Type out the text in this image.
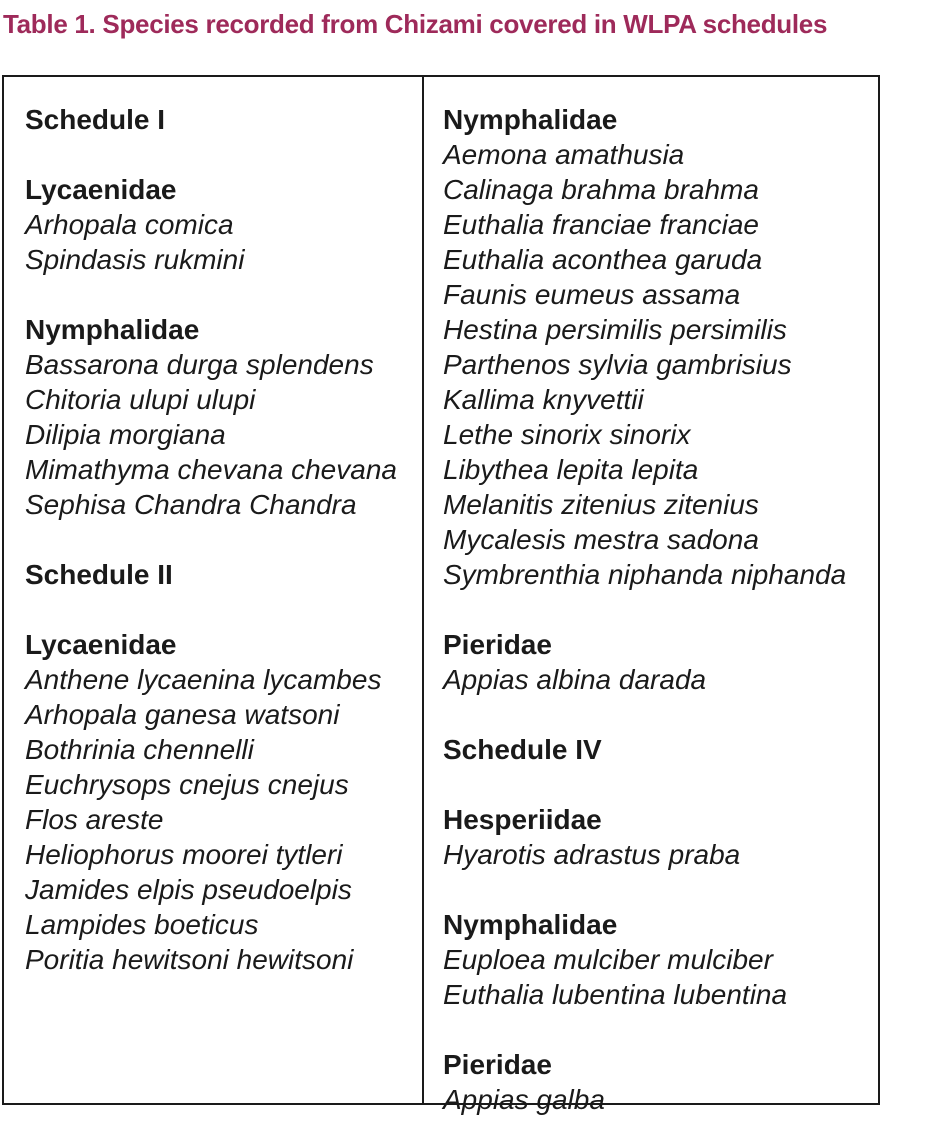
Table 1. Species recorded from Chizami covered in WLPA schedules
Schedule I
Lycaenidae
Arhopala comica
Spindasis rukmini
Nymphalidae
Bassarona durga splendens
Chitoria ulupi ulupi
Dilipia morgiana
Mimathyma chevana chevana
Sephisa Chandra Chandra
Schedule II
Lycaenidae
Anthene lycaenina lycambes
Arhopala ganesa watsoni
Bothrinia chennelli
Euchrysops cnejus cnejus
Flos areste
Heliophorus moorei tytleri
Jamides elpis pseudoelpis
Lampides boeticus
Poritia hewitsoni hewitsoni
Nymphalidae
Aemona amathusia
Calinaga brahma brahma
Euthalia franciae franciae
Euthalia aconthea garuda
Faunis eumeus assama
Hestina persimilis persimilis
Parthenos sylvia gambrisius
Kallima knyvettii
Lethe sinorix sinorix
Libythea lepita lepita
Melanitis zitenius zitenius
Mycalesis mestra sadona
Symbrenthia niphanda niphanda
Pieridae
Appias albina darada
Schedule IV
Hesperiidae
Hyarotis adrastus praba
Nymphalidae
Euploea mulciber mulciber
Euthalia lubentina lubentina
Pieridae
Appias galba
